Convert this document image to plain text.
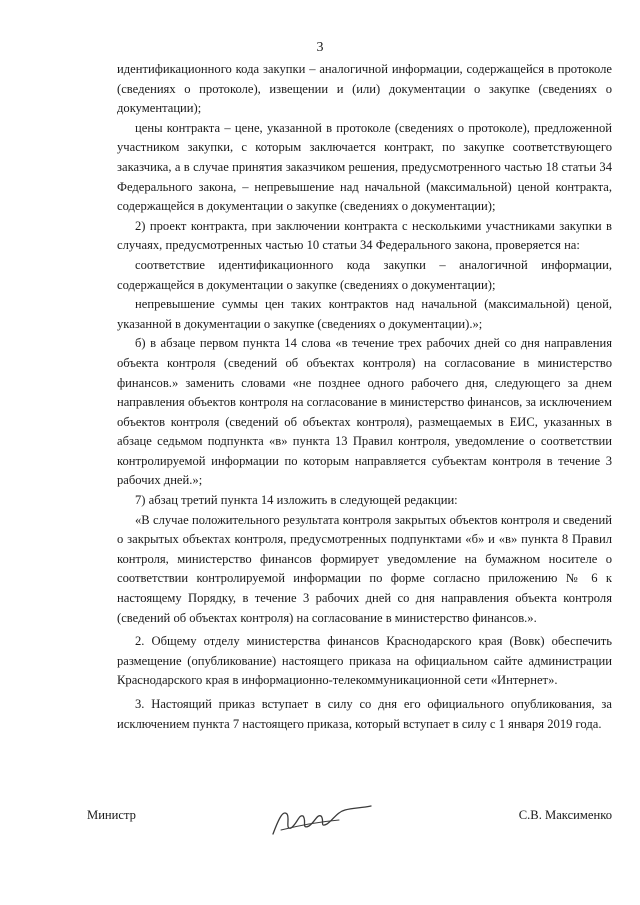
3

идентификационного кода закупки – аналогичной информации, содержащейся в протоколе (сведениях о протоколе), извещении и (или) документации о закупке (сведениях о документации);

цены контракта – цене, указанной в протоколе (сведениях о протоколе), предложенной участником закупки, с которым заключается контракт, по закупке соответствующего заказчика, а в случае принятия заказчиком решения, предусмотренного частью 18 статьи 34 Федерального закона, – непревышение над начальной (максимальной) ценой контракта, содержащейся в документации о закупке (сведениях о документации);

2) проект контракта, при заключении контракта с несколькими участниками закупки в случаях, предусмотренных частью 10 статьи 34 Федерального закона, проверяется на:

соответствие идентификационного кода закупки – аналогичной информации, содержащейся в документации о закупке (сведениях о документации);

непревышение суммы цен таких контрактов над начальной (максимальной) ценой, указанной в документации о закупке (сведениях о документации).»;

б) в абзаце первом пункта 14 слова «в течение трех рабочих дней со дня направления объекта контроля (сведений об объектах контроля) на согласование в министерство финансов.» заменить словами «не позднее одного рабочего дня, следующего за днем направления объектов контроля на согласование в министерство финансов, за исключением объектов контроля (сведений об объектах контроля), размещаемых в ЕИС, указанных в абзаце седьмом подпункта «в» пункта 13 Правил контроля, уведомление о соответствии контролируемой информации по которым направляется субъектам контроля в течение 3 рабочих дней.»;

7) абзац третий пункта 14 изложить в следующей редакции:

«В случае положительного результата контроля закрытых объектов контроля и сведений о закрытых объектах контроля, предусмотренных подпунктами «б» и «в» пункта 8 Правил контроля, министерство финансов формирует уведомление на бумажном носителе о соответствии контролируемой информации по форме согласно приложению № 6 к настоящему Порядку, в течение 3 рабочих дней со дня направления объекта контроля (сведений об объектах контроля) на согласование в министерство финансов.».

2. Общему отделу министерства финансов Краснодарского края (Вовк) обеспечить размещение (опубликование) настоящего приказа на официальном сайте администрации Краснодарского края в информационно-телекоммуникационной сети «Интернет».

3. Настоящий приказ вступает в силу со дня его официального опубликования, за исключением пункта 7 настоящего приказа, который вступает в силу с 1 января 2019 года.

Министр	С.В. Максименко
